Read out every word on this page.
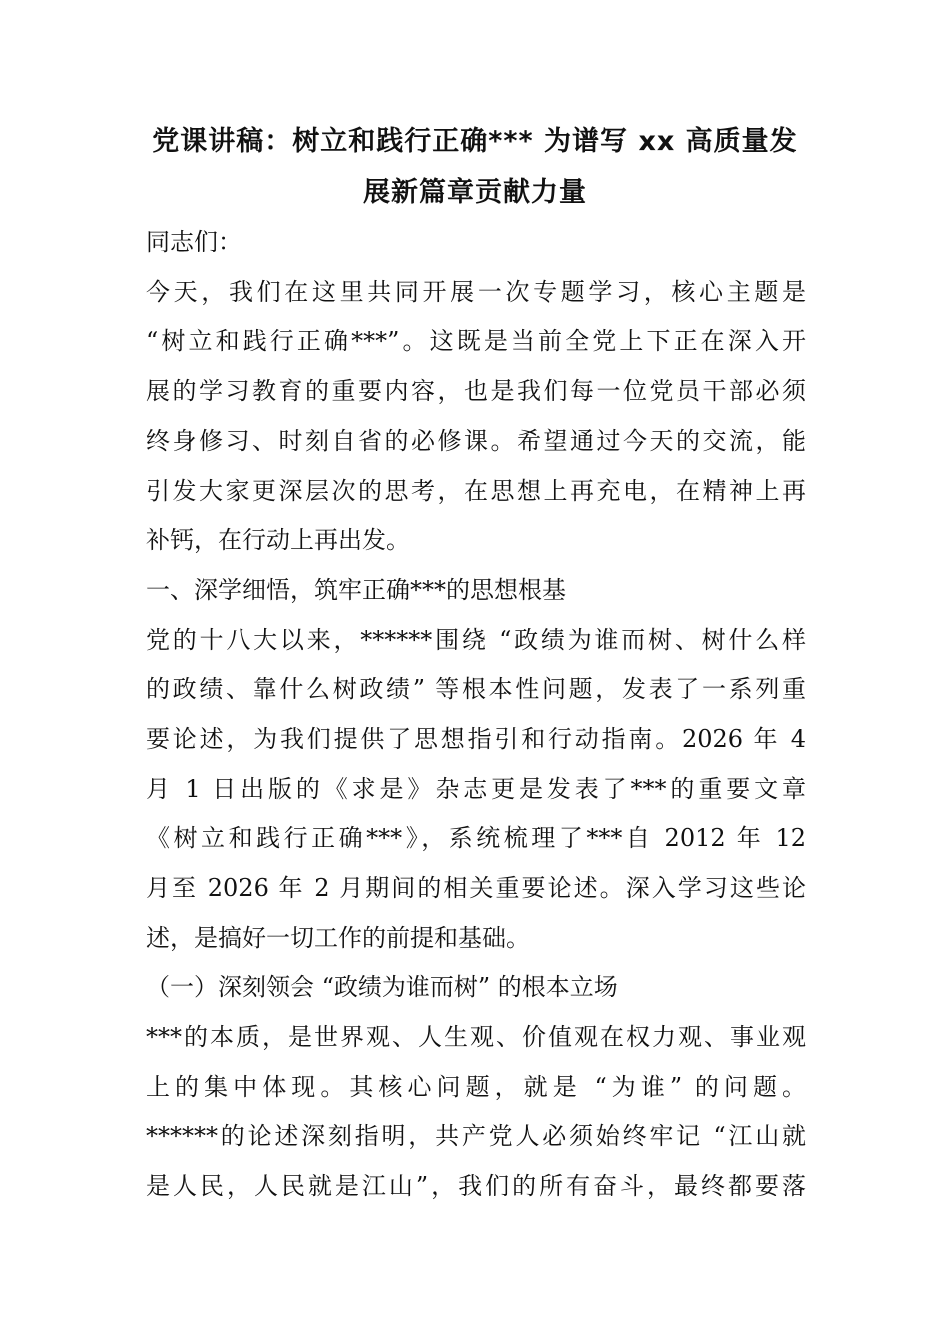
党课讲稿：树立和践行正确*** 为谱写 xx 高质量发
展新篇章贡献力量
同志们：
今天，我们在这里共同开展一次专题学习，核心主题是
“树立和践行正确***”。这既是当前全党上下正在深入开
展的学习教育的重要内容，也是我们每一位党员干部必须
终身修习、时刻自省的必修课。希望通过今天的交流，能
引发大家更深层次的思考，在思想上再充电，在精神上再
补钙，在行动上再出发。
一、深学细悟，筑牢正确***的思想根基
党的十八大以来，******围绕 “政绩为谁而树、树什么样
的政绩、靠什么树政绩” 等根本性问题，发表了一系列重
要论述，为我们提供了思想指引和行动指南。2026 年 4
月 1 日出版的《求是》杂志更是发表了***的重要文章
《树立和践行正确***》，系统梳理了***自 2012 年 12
月至 2026 年 2 月期间的相关重要论述。深入学习这些论
述，是搞好一切工作的前提和基础。
（一）深刻领会 “政绩为谁而树” 的根本立场
***的本质，是世界观、人生观、价值观在权力观、事业观
上的集中体现。其核心问题，就是 “为谁” 的问题。
******的论述深刻指明，共产党人必须始终牢记 “江山就
是人民，人民就是江山”，我们的所有奋斗，最终都要落
